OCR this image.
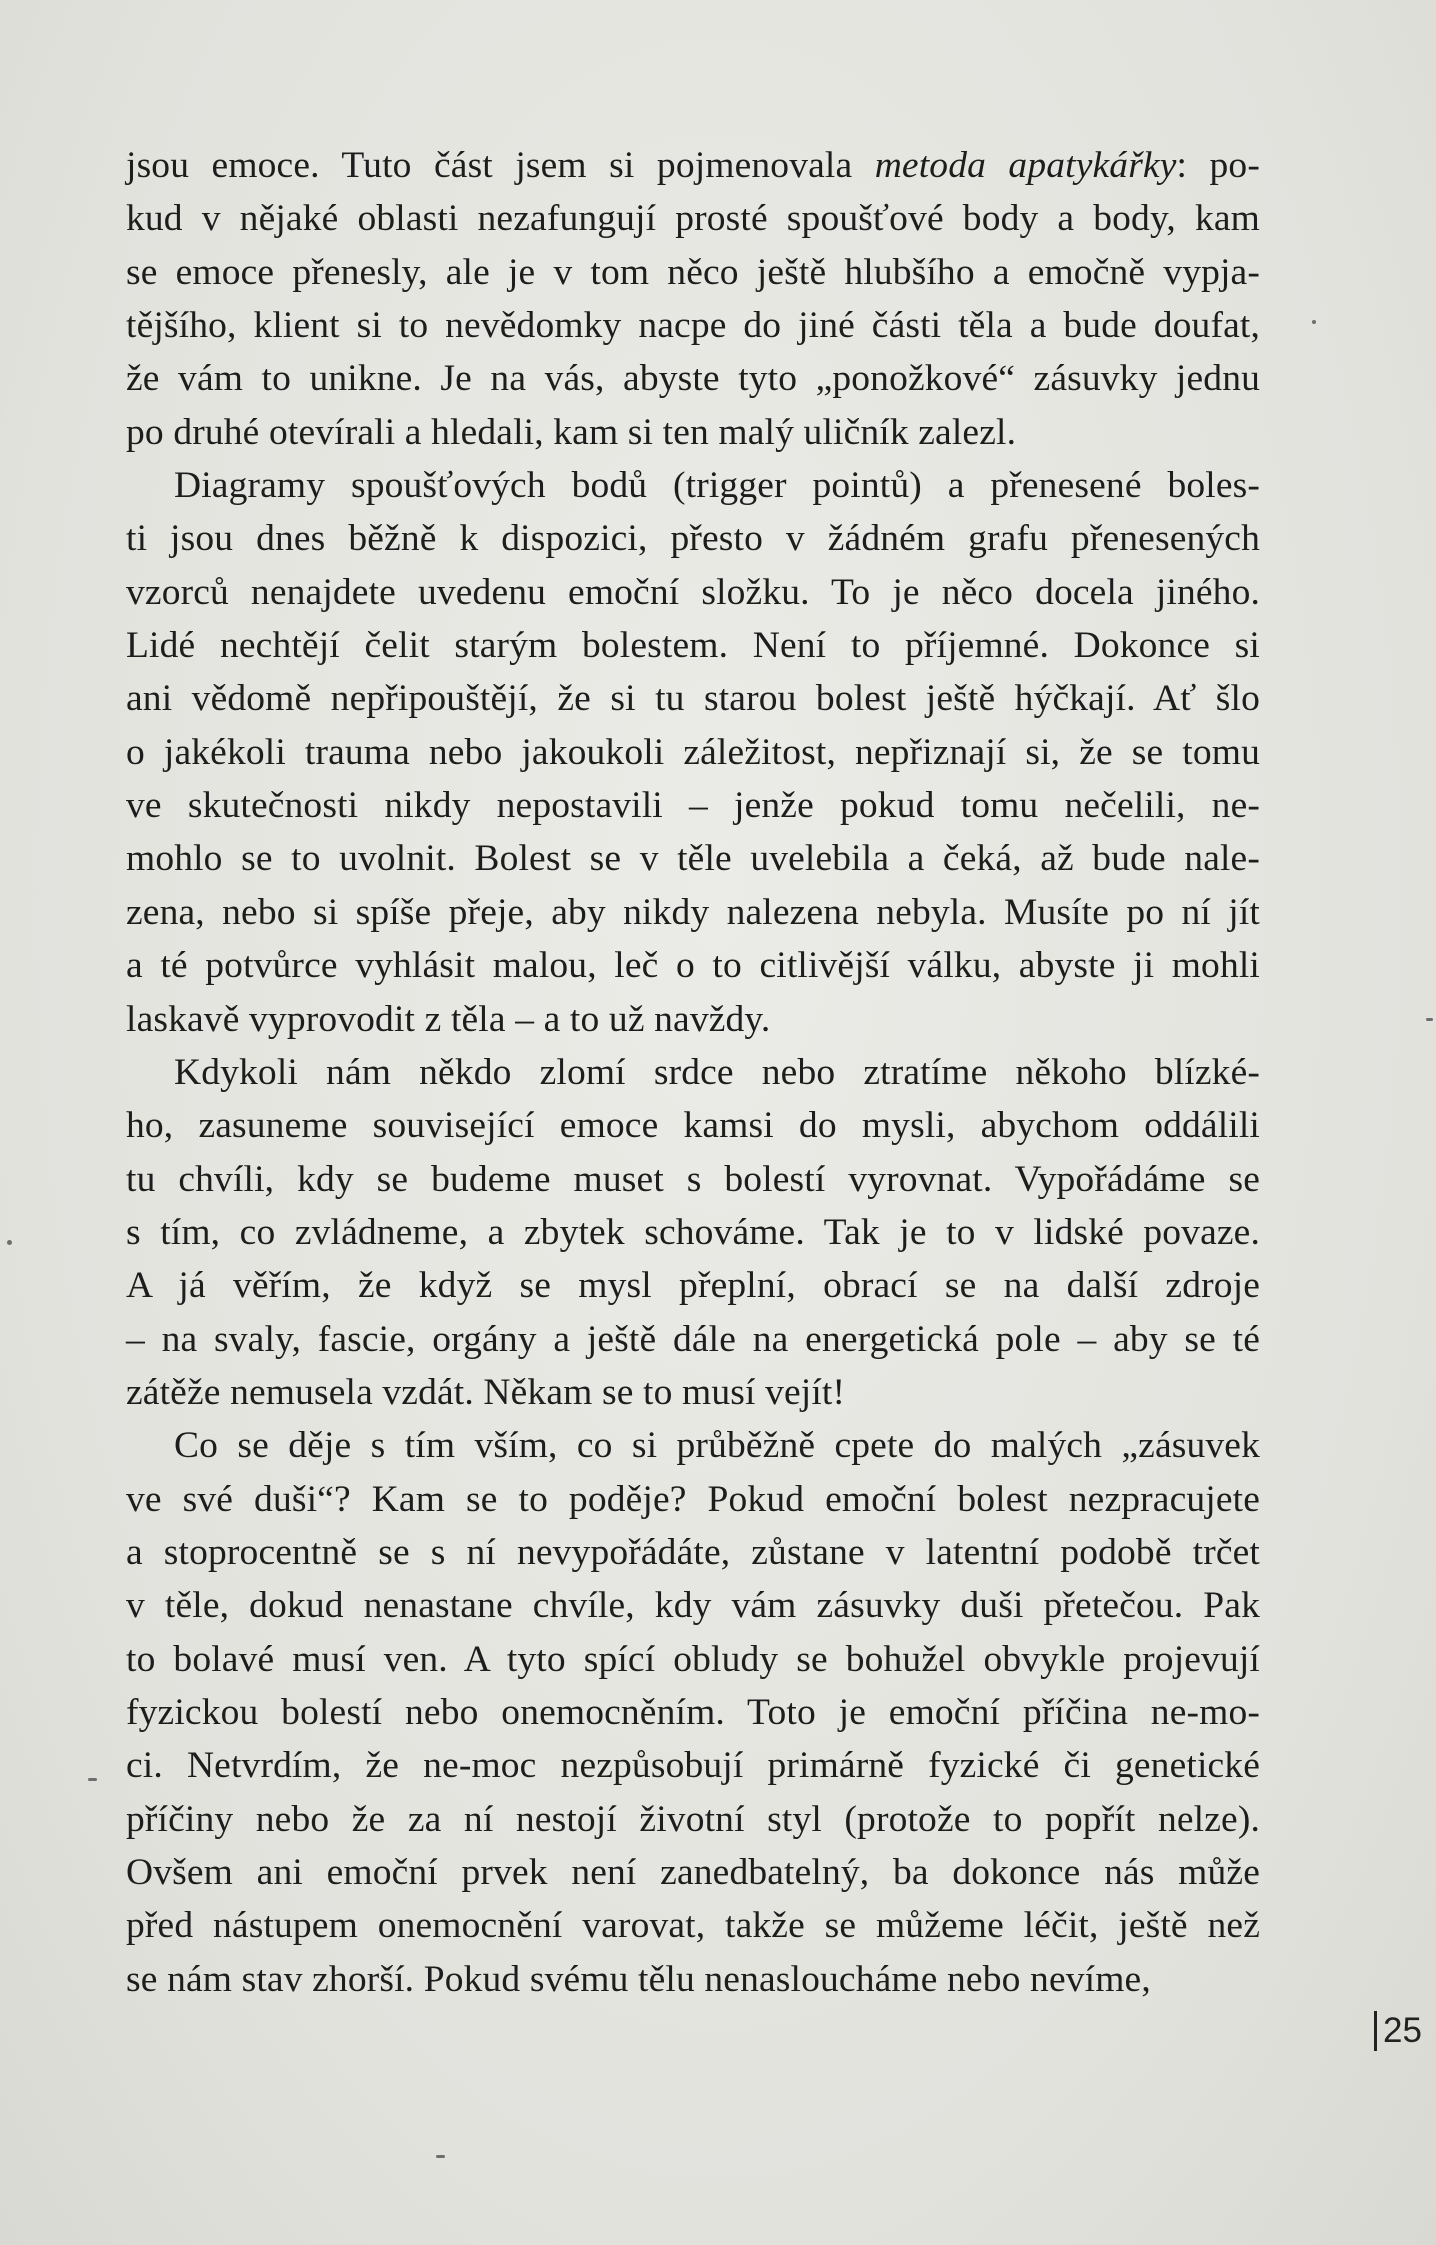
jsou emoce. Tuto část jsem si pojmenovala metoda apatykářky: po-
kud v nějaké oblasti nezafungují prosté spoušťové body a body, kam
se emoce přenesly, ale je v tom něco ještě hlubšího a emočně vypja-
tějšího, klient si to nevědomky nacpe do jiné části těla a bude doufat,
že vám to unikne. Je na vás, abyste tyto „ponožkové“ zásuvky jednu
po druhé otevírali a hledali, kam si ten malý uličník zalezl.
Diagramy spoušťových bodů (trigger pointů) a přenesené boles-
ti jsou dnes běžně k dispozici, přesto v žádném grafu přenesených
vzorců nenajdete uvedenu emoční složku. To je něco docela jiného.
Lidé nechtějí čelit starým bolestem. Není to příjemné. Dokonce si
ani vědomě nepřipouštějí, že si tu starou bolest ještě hýčkají. Ať šlo
o jakékoli trauma nebo jakoukoli záležitost, nepřiznají si, že se tomu
ve skutečnosti nikdy nepostavili – jenže pokud tomu nečelili, ne-
mohlo se to uvolnit. Bolest se v těle uvelebila a čeká, až bude nale-
zena, nebo si spíše přeje, aby nikdy nalezena nebyla. Musíte po ní jít
a té potvůrce vyhlásit malou, leč o to citlivější válku, abyste ji mohli
laskavě vyprovodit z těla – a to už navždy.
Kdykoli nám někdo zlomí srdce nebo ztratíme někoho blízké-
ho, zasuneme související emoce kamsi do mysli, abychom oddálili
tu chvíli, kdy se budeme muset s bolestí vyrovnat. Vypořádáme se
s tím, co zvládneme, a zbytek schováme. Tak je to v lidské povaze.
A já věřím, že když se mysl přeplní, obrací se na další zdroje
– na svaly, fascie, orgány a ještě dále na energetická pole – aby se té
zátěže nemusela vzdát. Někam se to musí vejít!
Co se děje s tím vším, co si průběžně cpete do malých „zásuvek
ve své duši“? Kam se to poděje? Pokud emoční bolest nezpracujete
a stoprocentně se s ní nevypořádáte, zůstane v latentní podobě trčet
v těle, dokud nenastane chvíle, kdy vám zásuvky duši přetečou. Pak
to bolavé musí ven. A tyto spící obludy se bohužel obvykle projevují
fyzickou bolestí nebo onemocněním. Toto je emoční příčina ne-mo-
ci. Netvrdím, že ne-moc nezpůsobují primárně fyzické či genetické
příčiny nebo že za ní nestojí životní styl (protože to popřít nelze).
Ovšem ani emoční prvek není zanedbatelný, ba dokonce nás může
před nástupem onemocnění varovat, takže se můžeme léčit, ještě než
se nám stav zhorší. Pokud svému tělu nenasloucháme nebo nevíme,
25
